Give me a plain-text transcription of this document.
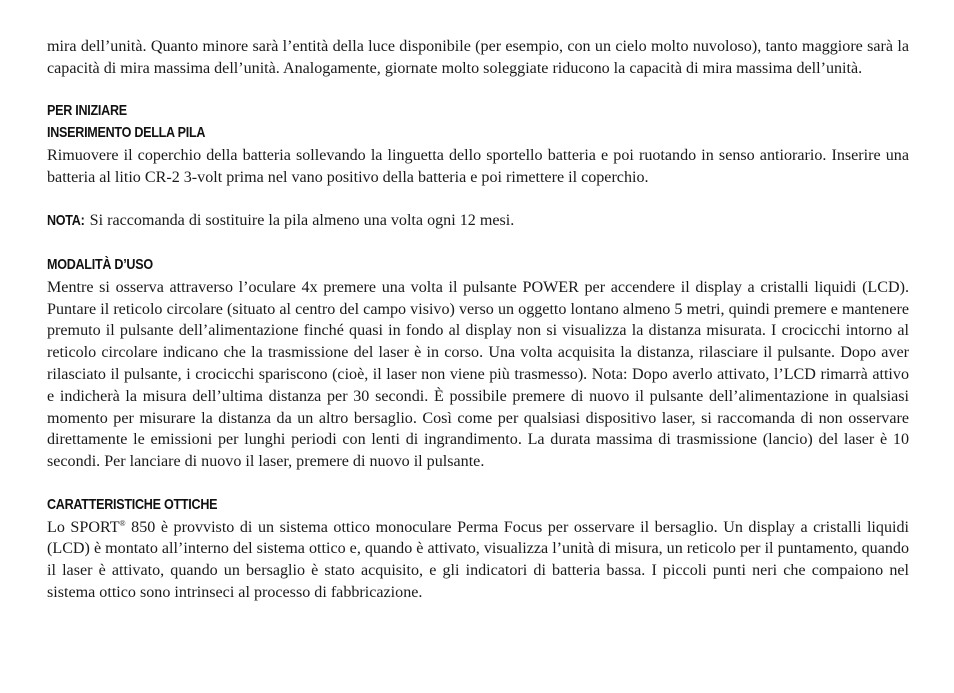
mira dell’unità. Quanto minore sarà l’entità della luce disponibile (per esempio, con un cielo molto nuvoloso), tanto maggiore sarà la capacità di mira massima dell’unità. Analogamente, giornate molto soleggiate riducono la capacità di mira massima dell’unità.

PER INIZIARE
INSERIMENTO DELLA PILA

Rimuovere il coperchio della batteria sollevando la linguetta dello sportello batteria e poi ruotando in senso antiorario. Inserire una batteria al litio CR-2 3-volt prima nel vano positivo della batteria e poi rimettere il coperchio.

NOTA: Si raccomanda di sostituire la pila almeno una volta ogni 12 mesi.

MODALITÀ D’USO

Mentre si osserva attraverso l’oculare 4x premere una volta il pulsante POWER per accendere il display a cristalli liquidi (LCD). Puntare il reticolo circolare (situato al centro del campo visivo) verso un oggetto lontano almeno 5 metri, quindi premere e mantenere premuto il pulsante dell’alimentazione finché quasi in fondo al display non si visualizza la distanza misurata. I crocicchi intorno al reticolo circolare indicano che la trasmissione del laser è in corso. Una volta acquisita la distanza, rilasciare il pulsante. Dopo aver rilasciato il pulsante, i crocicchi spariscono (cioè, il laser non viene più trasmesso). Nota: Dopo averlo attivato, l’LCD rimarrà attivo e indicherà la misura dell’ultima distanza per 30 secondi. È possibile premere di nuovo il pulsante dell’alimentazione in qualsiasi momento per misurare la distanza da un altro bersaglio. Così come per qualsiasi dispositivo laser, si raccomanda di non osservare direttamente le emissioni per lunghi periodi con lenti di ingrandimento. La durata massima di trasmissione (lancio) del laser è 10 secondi. Per lanciare di nuovo il laser, premere di nuovo il pulsante.

CARATTERISTICHE OTTICHE

Lo SPORT® 850 è provvisto di un sistema ottico monoculare Perma Focus per osservare il bersaglio. Un display a cristalli liquidi (LCD) è montato all’interno del sistema ottico e, quando è attivato, visualizza l’unità di misura, un reticolo per il puntamento, quando il laser è attivato, quando un bersaglio è stato acquisito, e gli indicatori di batteria bassa. I piccoli punti neri che compaiono nel sistema ottico sono intrinseci al processo di fabbricazione.
